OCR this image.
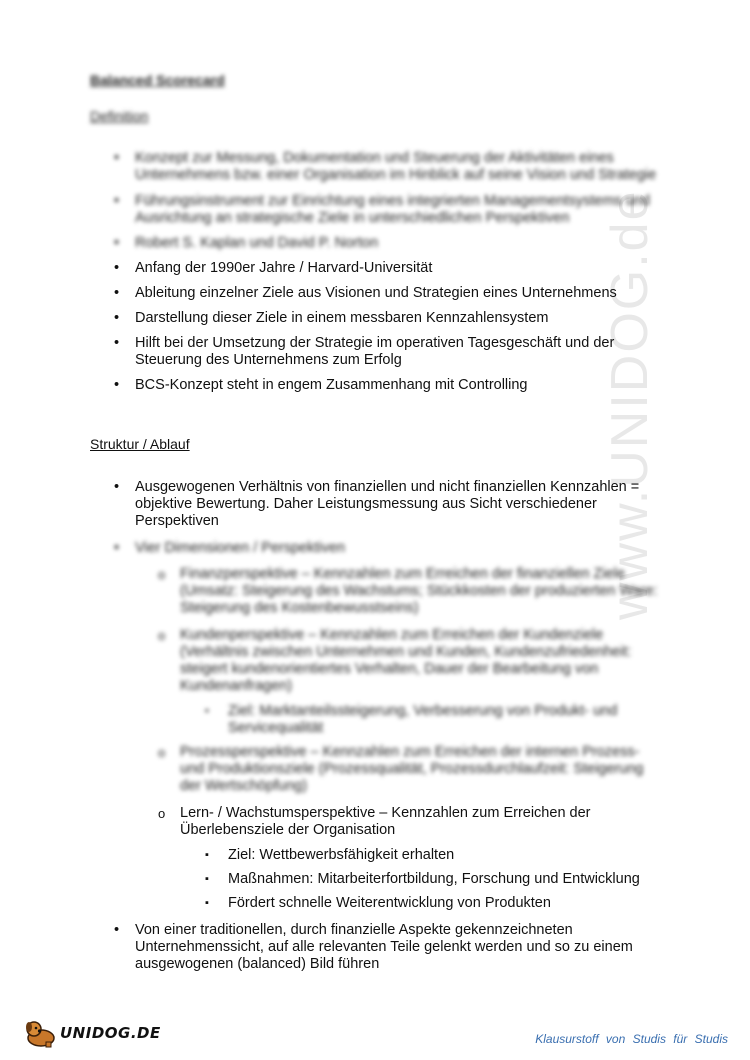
www.UNIDOG.de
Balanced Scorecard
Definition
• Konzept zur Messung, Dokumentation und Steuerung der Aktivitäten eines Unternehmens bzw. einer Organisation im Hinblick auf seine Vision und Strategie
• Führungsinstrument zur Einrichtung eines integrierten Managementsystems und Ausrichtung an strategische Ziele in unterschiedlichen Perspektiven
• Robert S. Kaplan und David P. Norton
• Anfang der 1990er Jahre / Harvard-Universität
• Ableitung einzelner Ziele aus Visionen und Strategien eines Unternehmens
• Darstellung dieser Ziele in einem messbaren Kennzahlensystem
• Hilft bei der Umsetzung der Strategie im operativen Tagesgeschäft und der Steuerung des Unternehmens zum Erfolg
• BCS-Konzept steht in engem Zusammenhang mit Controlling
Struktur / Ablauf
• Ausgewogenen Verhältnis von finanziellen und nicht finanziellen Kennzahlen = objektive Bewertung. Daher Leistungsmessung aus Sicht verschiedener Perspektiven
• Vier Dimensionen / Perspektiven
o Finanzperspektive – Kennzahlen zum Erreichen der finanziellen Ziele (Umsatz: Steigerung des Wachstums; Stückkosten der produzierten Ware: Steigerung des Kostenbewusstseins)
o Kundenperspektive – Kennzahlen zum Erreichen der Kundenziele (Verhältnis zwischen Unternehmen und Kunden, Kundenzufriedenheit: steigert kundenorientiertes Verhalten, Dauer der Bearbeitung von Kundenanfragen)
▪ Ziel: Marktanteilssteigerung, Verbesserung von Produkt- und Servicequalität
o Prozessperspektive – Kennzahlen zum Erreichen der internen Prozess- und Produktionsziele (Prozessqualität, Prozessdurchlaufzeit: Steigerung der Wertschöpfung)
o Lern- / Wachstumsperspektive – Kennzahlen zum Erreichen der Überlebensziele der Organisation
▪ Ziel: Wettbewerbsfähigkeit erhalten
▪ Maßnahmen: Mitarbeiterfortbildung, Forschung und Entwicklung
▪ Fördert schnelle Weiterentwicklung von Produkten
• Von einer traditionellen, durch finanzielle Aspekte gekennzeichneten Unternehmenssicht, auf alle relevanten Teile gelenkt werden und so zu einem ausgewogenen (balanced) Bild führen
UNIDOG.DE	Klausurstoff von Studis für Studis
